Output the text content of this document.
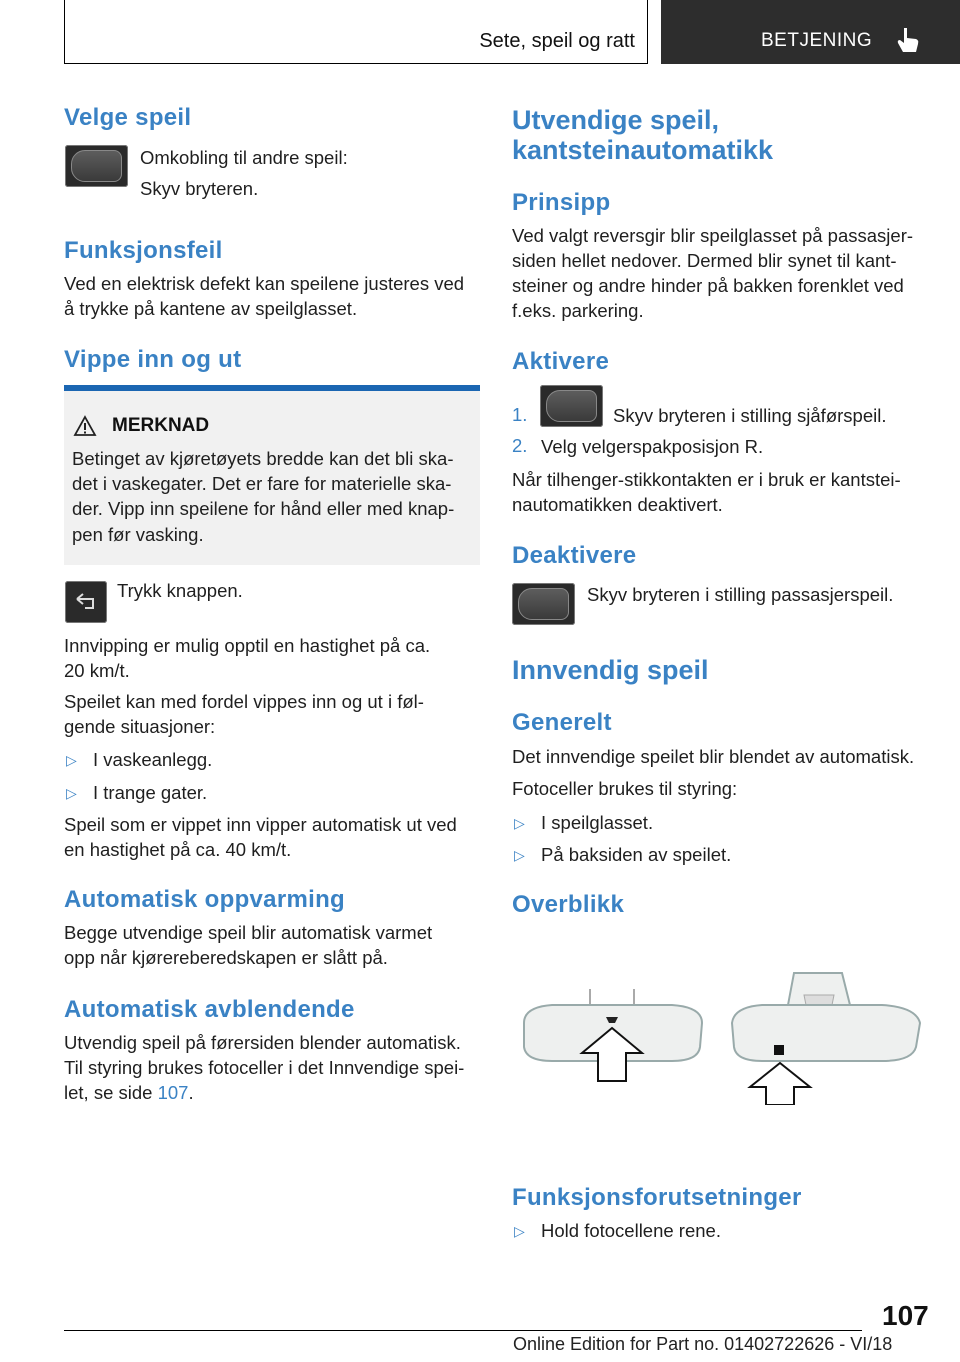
Sete, speil og ratt	BETJENING
Velge speil
Omkobling til andre speil:
Skyv bryteren.
Funksjonsfeil
Ved en elektrisk defekt kan speilene justeres ved
å trykke på kantene av speilglasset.
Vippe inn og ut
MERKNAD
Betinget av kjøretøyets bredde kan det bli ska-
det i vaskegater. Det er fare for materielle ska-
der. Vipp inn speilene for hånd eller med knap-
pen før vasking.
Trykk knappen.
Innvipping er mulig opptil en hastighet på ca.
20 km/t.
Speilet kan med fordel vippes inn og ut i føl-
gende situasjoner:
▷ I vaskeanlegg.
▷ I trange gater.
Speil som er vippet inn vipper automatisk ut ved
en hastighet på ca. 40 km/t.
Automatisk oppvarming
Begge utvendige speil blir automatisk varmet
opp når kjørereberedskapen er slått på.
Automatisk avblendende
Utvendig speil på førersiden blender automatisk.
Til styring brukes fotoceller i det Innvendige spei-
let, se side 107.
Utvendige speil,
kantsteinautomatikk
Prinsipp
Ved valgt reversgir blir speilglasset på passasjer-
siden hellet nedover. Dermed blir synet til kant-
steiner og andre hinder på bakken forenklet ved
f.eks. parkering.
Aktivere
1.	Skyv bryteren i stilling sjåførspeil.
2. Velg velgerspakposisjon R.
Når tilhenger-stikkontakten er i bruk er kantstei-
nautomatikken deaktivert.
Deaktivere
Skyv bryteren i stilling passasjerspeil.
Innvendig speil
Generelt
Det innvendige speilet blir blendet av automatisk.
Fotoceller brukes til styring:
▷ I speilglasset.
▷ På baksiden av speilet.
Overblikk
Funksjonsforutsetninger
▷ Hold fotocellene rene.
107
Online Edition for Part no. 01402722626 - VI/18
